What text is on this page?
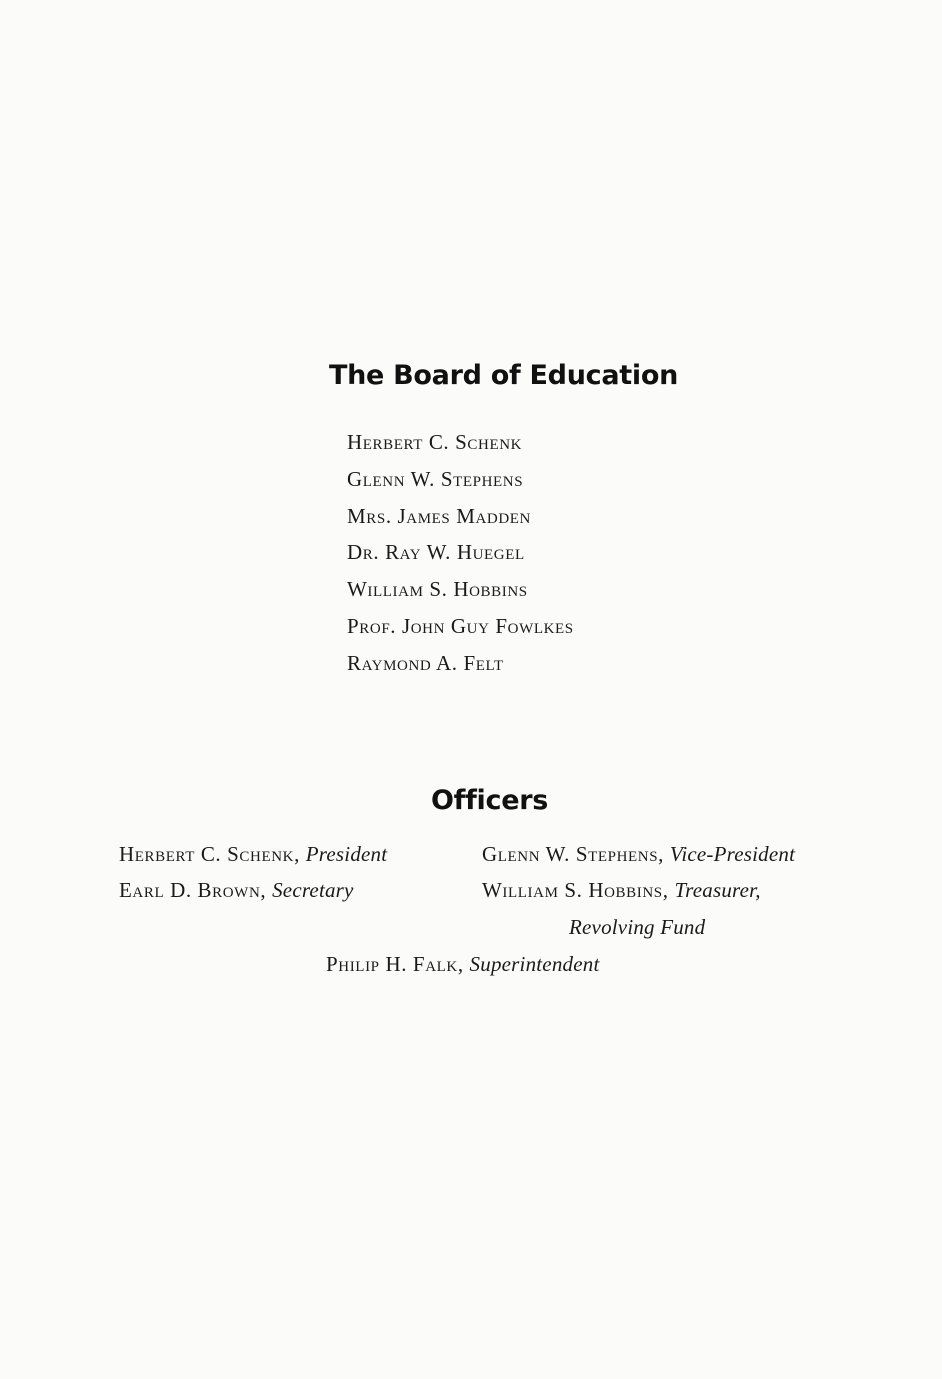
The Board of Education
Herbert C. Schenk
Glenn W. Stephens
Mrs. James Madden
Dr. Ray W. Huegel
William S. Hobbins
Prof. John Guy Fowlkes
Raymond A. Felt
Officers
Herbert C. Schenk, President	Glenn W. Stephens, Vice-President
Earl D. Brown, Secretary	William S. Hobbins, Treasurer,
Revolving Fund
Philip H. Falk, Superintendent
